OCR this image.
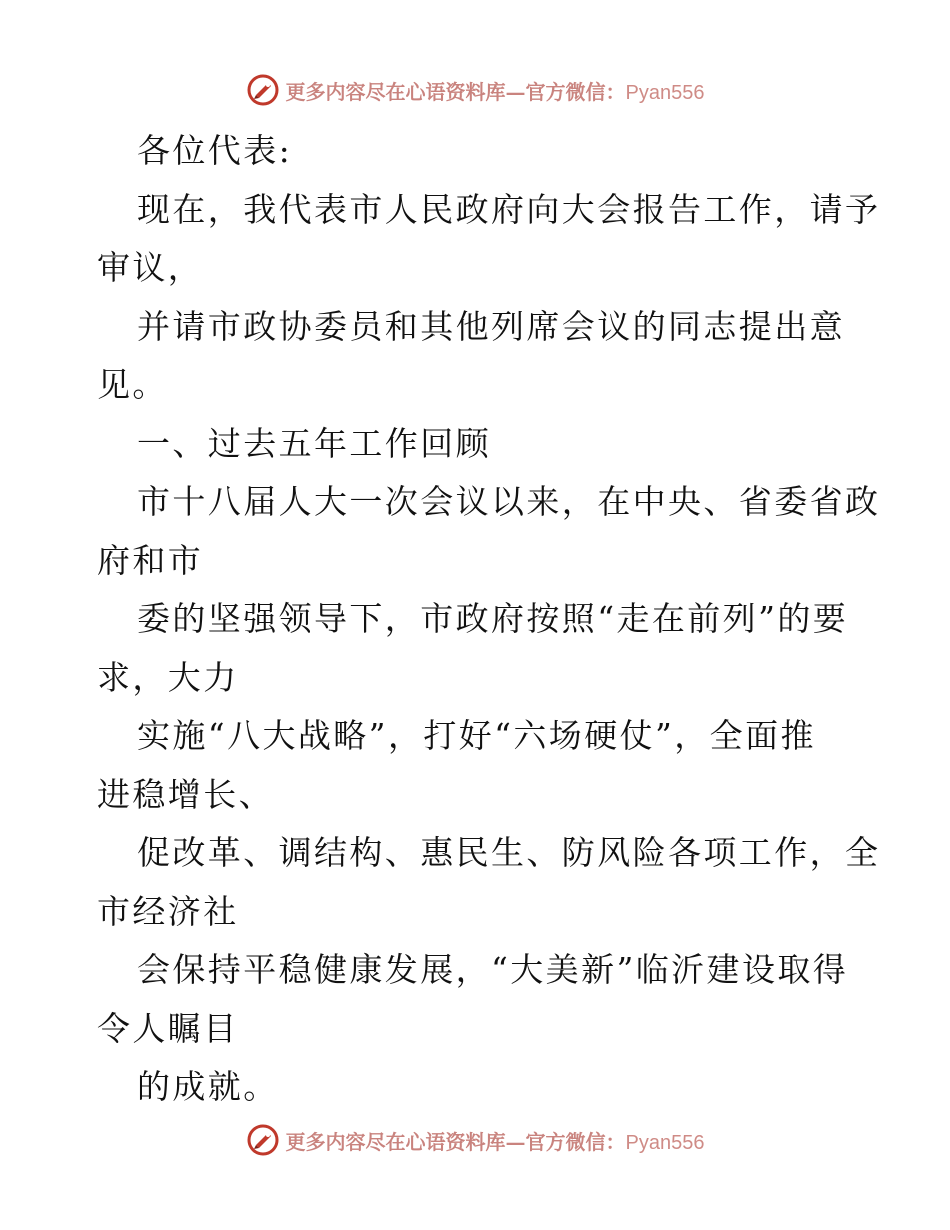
更多内容尽在心语资料库—官方微信：Pyan556

各位代表:

现在，我代表市人民政府向大会报告工作，请予

审议，

并请市政协委员和其他列席会议的同志提出意

见。

一、过去五年工作回顾

市十八届人大一次会议以来，在中央、省委省政

府和市

委的坚强领导下，市政府按照“走在前列”的要

求，大力

实施“八大战略”，打好“六场硬仗”，全面推

进稳增长、

促改革、调结构、惠民生、防风险各项工作，全

市经济社

会保持平稳健康发展，“大美新”临沂建设取得

令人瞩目

的成就。

更多内容尽在心语资料库—官方微信：Pyan556
